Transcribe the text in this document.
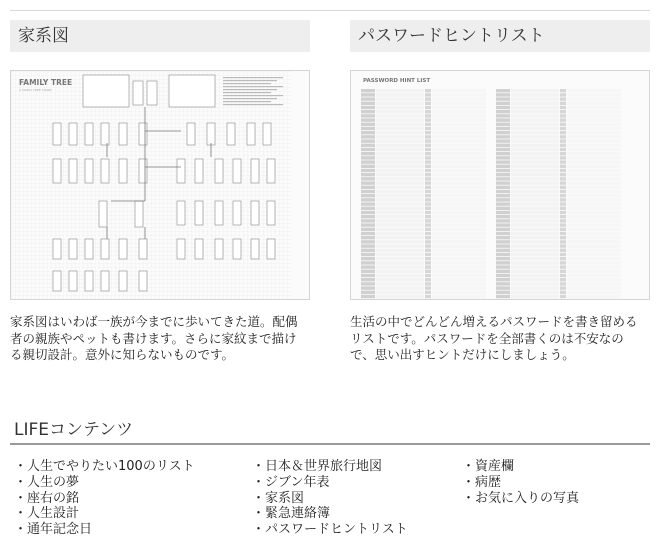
家系図
FAMILY TREE
A FAMILY TREE CHART

家系図はいわば一族が今までに歩いてきた道。配偶者の親族やペットも書けます。さらに家紋まで描ける親切設計。意外に知らないものです。

パスワードヒントリスト
PASSWORD HINT LIST

生活の中でどんどん増えるパスワードを書き留めるリストです。パスワードを全部書くのは不安なので、思い出すヒントだけにしましょう。

LIFEコンテンツ
・ 人生でやりたい100のリスト
・ 人生の夢
・ 座右の銘
・ 人生設計
・ 通年記念日
・ 日本＆世界旅行地図
・ ジブン年表
・ 家系図
・ 緊急連絡簿
・ パスワードヒントリスト
・ 資産欄
・ 病歴
・ お気に入りの写真
